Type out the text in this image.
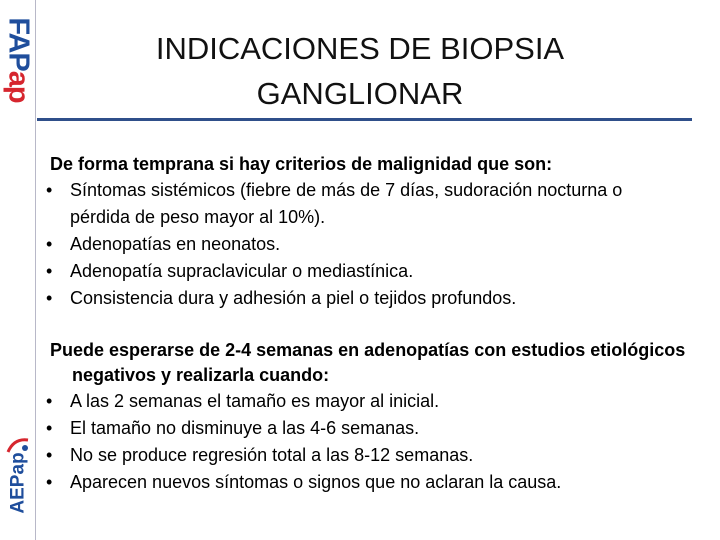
FAPap
AEPap
INDICACIONES DE BIOPSIA
GANGLIONAR
De forma temprana si hay criterios de malignidad que son:
• Síntomas sistémicos (fiebre de más de 7 días, sudoración nocturna o pérdida de peso mayor al 10%).
• Adenopatías en neonatos.
• Adenopatía supraclavicular o mediastínica.
• Consistencia dura y adhesión a piel o tejidos profundos.
Puede esperarse de 2-4 semanas en adenopatías con estudios etiológicos negativos y realizarla cuando:
• A las 2 semanas el tamaño es mayor al inicial.
• El tamaño no disminuye a las 4-6 semanas.
• No se produce regresión total a las 8-12 semanas.
• Aparecen nuevos síntomas o signos que no aclaran la causa.
